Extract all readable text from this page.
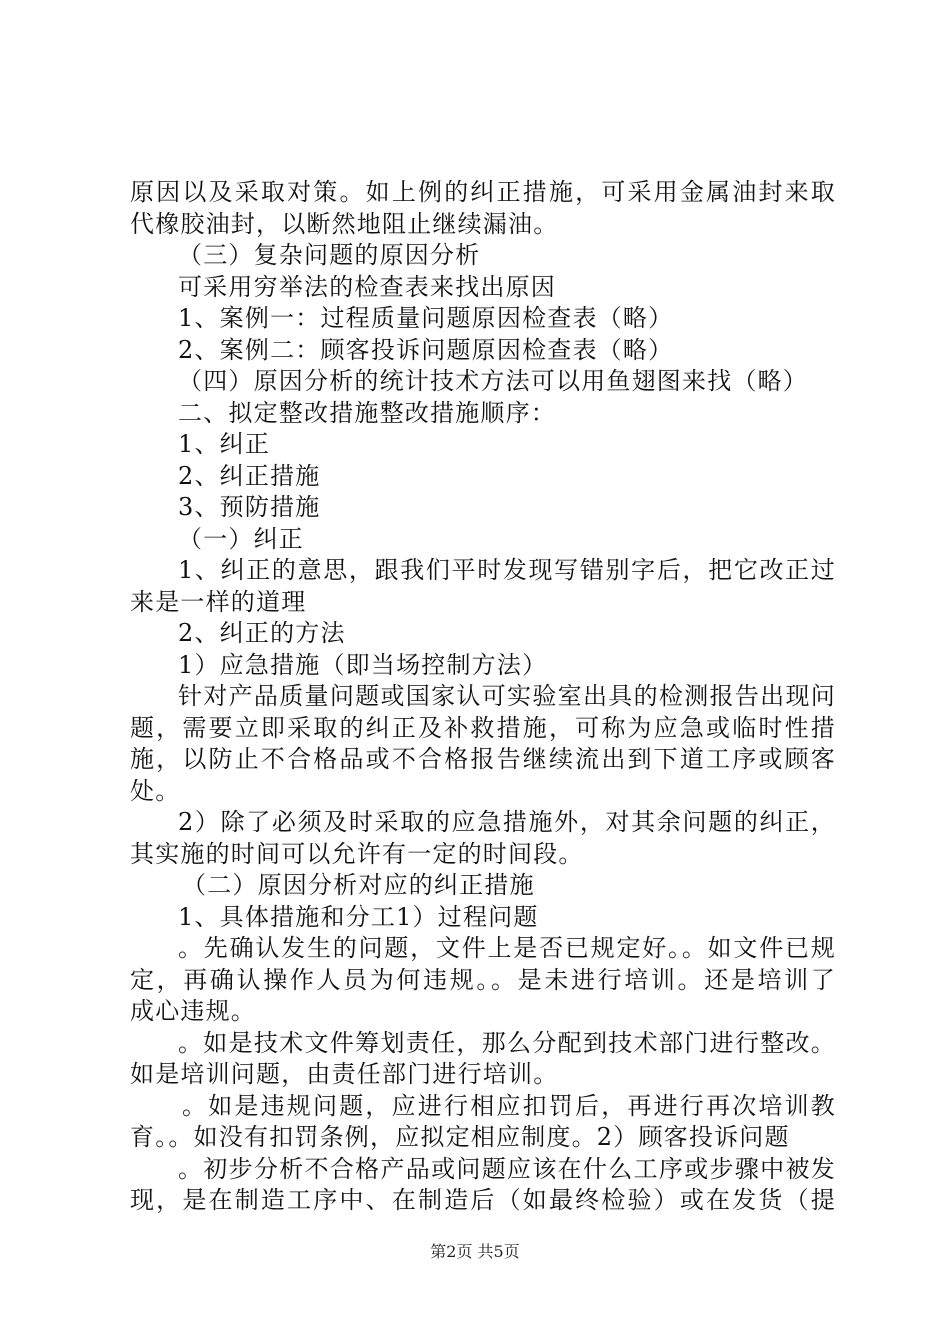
原因以及采取对策。如上例的纠正措施，可采用金属油封来取
代橡胶油封，以断然地阻止继续漏油。
（三）复杂问题的原因分析
可采用穷举法的检查表来找出原因
1、案例一：过程质量问题原因检查表（略）
2、案例二：顾客投诉问题原因检查表（略）
（四）原因分析的统计技术方法可以用鱼翅图来找（略）
二、拟定整改措施整改措施顺序：
1、纠正
2、纠正措施
3、预防措施
（一）纠正
1、纠正的意思，跟我们平时发现写错别字后，把它改正过
来是一样的道理
2、纠正的方法
1）应急措施（即当场控制方法）
针对产品质量问题或国家认可实验室出具的检测报告出现问
题，需要立即采取的纠正及补救措施，可称为应急或临时性措
施，以防止不合格品或不合格报告继续流出到下道工序或顾客
处。
2）除了必须及时采取的应急措施外，对其余问题的纠正，
其实施的时间可以允许有一定的时间段。
（二）原因分析对应的纠正措施
1、具体措施和分工1）过程问题
。先确认发生的问题，文件上是否已规定好。。如文件已规
定，再确认操作人员为何违规。。是未进行培训。还是培训了
成心违规。
。如是技术文件筹划责任，那么分配到技术部门进行整改。
如是培训问题，由责任部门进行培训。
。如是违规问题，应进行相应扣罚后，再进行再次培训教
育。。如没有扣罚条例，应拟定相应制度。2）顾客投诉问题
。初步分析不合格产品或问题应该在什么工序或步骤中被发
现，是在制造工序中、在制造后（如最终检验）或在发货（提
第2页 共5页
